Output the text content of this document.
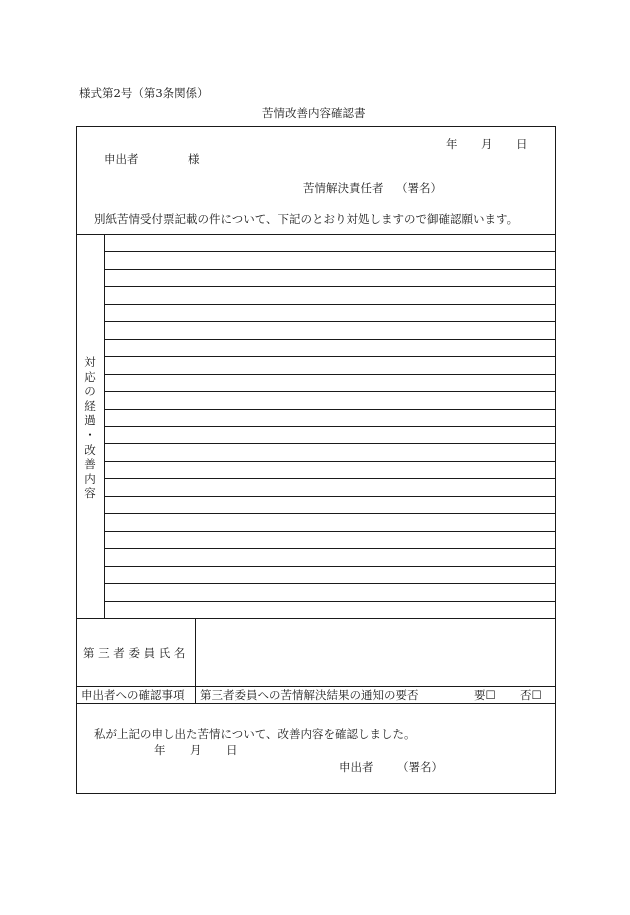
様式第2号（第3条関係）
苦情改善内容確認書
年 月 日
申出者	様
苦情解決責任者 （署名）
別紙苦情受付票記載の件について、下記のとおり対処しますので御確認願います。
対
応
の
経
過
・
改
善
内
容
第 三 者 委 員 氏 名
申出者への確認事項 第三者委員への苦情解決結果の通知の要否	要☐ 否☐
私が上記の申し出た苦情について、改善内容を確認しました。
年 月 日
申出者 （署名）
